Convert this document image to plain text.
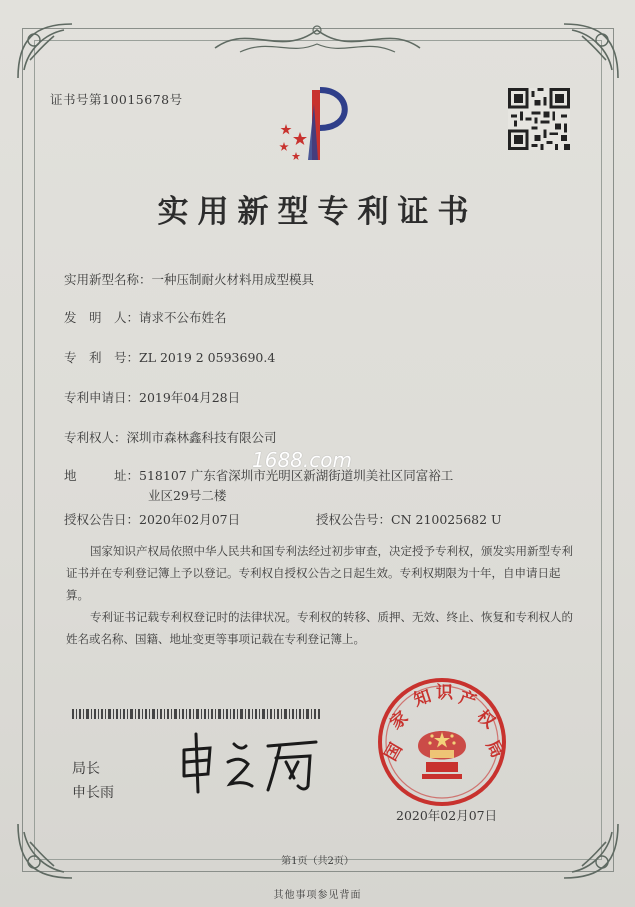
证书号第10015678号
实用新型专利证书
实用新型名称：一种压制耐火材料用成型模具
发　明　人：请求不公布姓名
专　利　号：ZL 2019 2 0593690.4
专利申请日：2019年04月28日
专利权人：深圳市森林鑫科技有限公司
地　　　址：518107 广东省深圳市光明区新湖街道圳美社区同富裕工
业区29号二楼
授权公告日：2020年02月07日	授权公告号：CN 210025682 U
1688.com
国家知识产权局依照中华人民共和国专利法经过初步审查，决定授予专利权，颁发实用新型专利证书并在专利登记簿上予以登记。专利权自授权公告之日起生效。专利权期限为十年，自申请日起算。
专利证书记载专利权登记时的法律状况。专利权的转移、质押、无效、终止、恢复和专利权人的姓名或名称、国籍、地址变更等事项记载在专利登记簿上。
局长
申长雨
国
家
知 识 产
权
局
2020年02月07日
第1页（共2页）
其他事项参见背面
